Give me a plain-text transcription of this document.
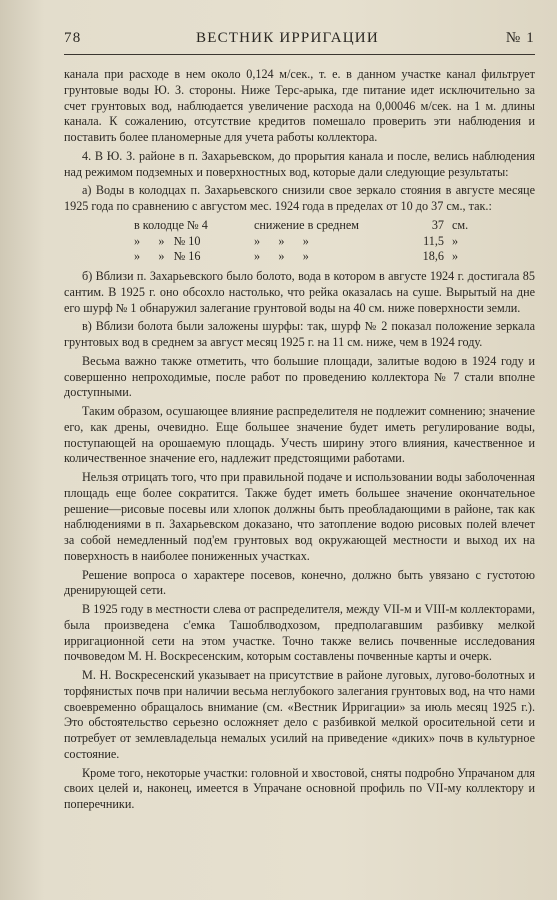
78	ВЕСТНИК ИРРИГАЦИИ	№ 1

канала при расходе в нем около 0,124 м/сек., т. е. в данном участке канал фильтрует грунтовые воды Ю. З. стороны. Ниже Терс-арыка, где питание идет исключительно за счет грунтовых вод, наблюдается увеличение расхода на 0,00046 м/сек. на 1 м. длины канала. К сожалению, отсутствие кредитов помешало проверить эти наблюдения и поставить более планомерные для учета работы коллектора.

4. В Ю. З. районе в п. Захарьевском, до прорытия канала и после, велись наблюдения над режимом подземных и поверхностных вод, которые дали следующие результаты:

а) Воды в колодцах п. Захарьевского снизили свое зеркало стояния в августе месяце 1925 года по сравнению с августом мес. 1924 года в пределах от 10 до 37 см., так.:

в колодце № 4	снижение в среднем	37 см.
»      »   № 10	»      »      »	11,5 »
»      »   № 16	»      »      »	18,6 »

б) Вблизи п. Захарьевского было болото, вода в котором в августе 1924 г. достигала 85 сантим. В 1925 г. оно обсохло настолько, что рейка оказалась на суше. Вырытый на дне его шурф № 1 обнаружил залегание грунтовой воды на 40 см. ниже поверхности земли.

в) Вблизи болота были заложены шурфы: так, шурф № 2 показал положение зеркала грунтовых вод в среднем за август месяц 1925 г. на 11 см. ниже, чем в 1924 году.

Весьма важно также отметить, что большие площади, залитые водою в 1924 году и совершенно непроходимые, после работ по проведению коллектора № 7 стали вполне доступными.

Таким образом, осушающее влияние распределителя не подлежит сомнению; значение его, как дрены, очевидно. Еще большее значение будет иметь регулирование воды, поступающей на орошаемую площадь. Учесть ширину этого влияния, качественное и количественное значение его, надлежит предстоящими работами.

Нельзя отрицать того, что при правильной подаче и использовании воды заболоченная площадь еще более сократится. Также будет иметь большее значение окончательное решение—рисовые посевы или хлопок должны быть преобладающими в районе, так как наблюдениями в п. Захарьевском доказано, что затопление водою рисовых полей влечет за собой немедленный под'ем грунтовых вод окружающей местности и выход их на поверхность в наиболее пониженных участках.

Решение вопроса о характере посевов, конечно, должно быть увязано с густотою дренирующей сети.

В 1925 году в местности слева от распределителя, между VII-м и VIII-м коллекторами, была произведена с'емка Ташоблводхозом, предполагавшим разбивку мелкой ирригационной сети на этом участке. Точно также велись почвенные исследования почвоведом М. Н. Воскресенским, которым составлены почвенные карты и очерк.

М. Н. Воскресенский указывает на присутствие в районе луговых, лугово-болотных и торфянистых почв при наличии весьма неглубокого залегания грунтовых вод, на что нами своевременно обращалось внимание (см. «Вестник Ирригации» за июль месяц 1925 г.). Это обстоятельство серьезно осложняет дело с разбивкой мелкой оросительной сети и потребует от землевладельца немалых усилий на приведение «диких» почв в культурное состояние.

Кроме того, некоторые участки: головной и хвостовой, сняты подробно Упрачаном для своих целей и, наконец, имеется в Упрачане основной профиль по VII-му коллектору и поперечники.
